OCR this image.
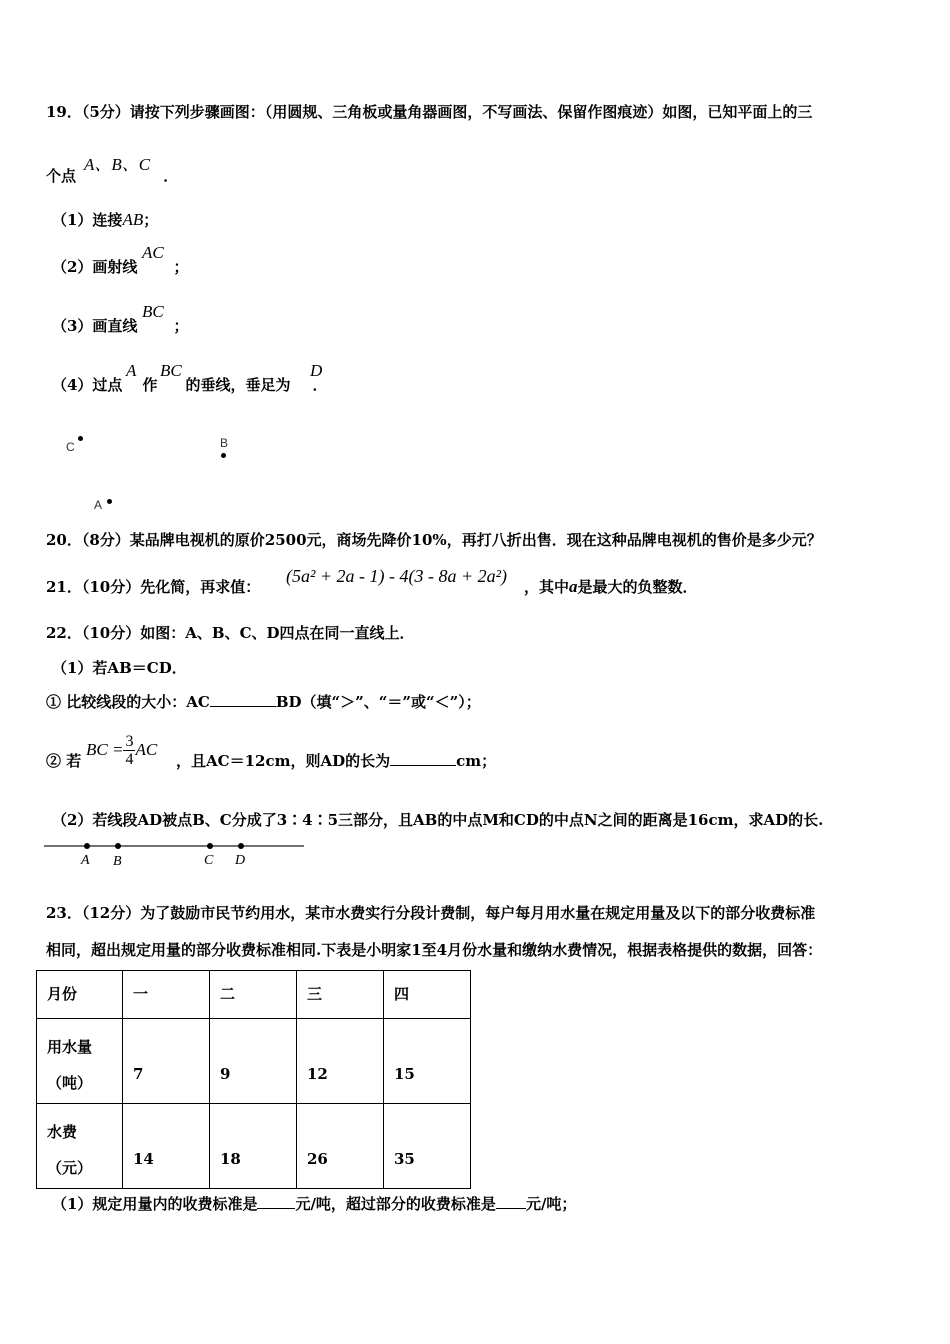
19．（5分）请按下列步骤画图：（用圆规、三角板或量角器画图，不写画法、保留作图痕迹）如图，已知平面上的三
个点	．
A、B、C
（1）连接AB；
（2）画射线 ；
AC
（3）画直线 ；
BC
（4）过点 作 的垂线，垂足为 ．
A BC	D
C	B
A
20．（8分）某品牌电视机的原价2500元，商场先降价10%，再打八折出售．现在这种品牌电视机的售价是多少元？
21．（10分）先化简，再求值：
(5a² + 2a - 1) - 4(3 - 8a + 2a²)
，其中a是最大的负整数．
22．（10分）如图：A、B、C、D四点在同一直线上．
（1）若AB＝CD．
① 比较线段的大小：AC	BD（填“＞”、“＝”或“＜”）；
② 若
BC = $\frac{3}{4}$ AC
，且AC＝12cm，则AD的长为	cm；
（2）若线段AD被点B、C分成了3∶4∶5三部分，且AB的中点M和CD的中点N之间的距离是16cm，求AD的长.
A B	C D
23．（12分）为了鼓励市民节约用水，某市水费实行分段计费制，每户每月用水量在规定用量及以下的部分收费标准
相同，超出规定用量的部分收费标准相同.下表是小明家1至4月份水量和缴纳水费情况，根据表格提供的数据，回答：
月份	一	二	三	四

用水量
（吨）	7	9	12	15

水费
（元）	14	18	26	35
（1）规定用量内的收费标准是	元/吨，超过部分的收费标准是 元/吨；
